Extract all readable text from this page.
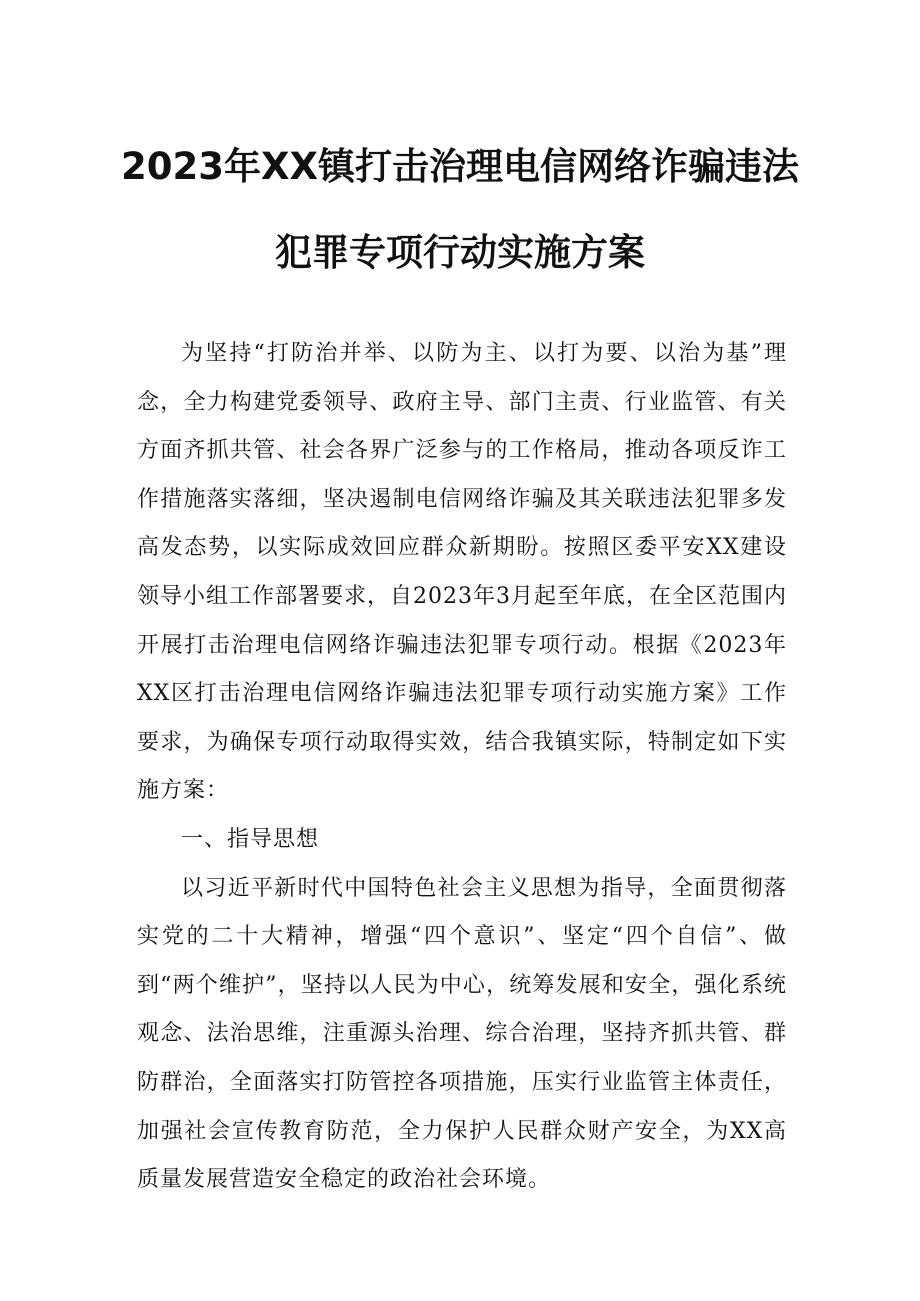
2023年XX镇打击治理电信网络诈骗违法
犯罪专项行动实施方案

为坚持“打防治并举、以防为主、以打为要、以治为基”理念，全力构建党委领导、政府主导、部门主责、行业监管、有关方面齐抓共管、社会各界广泛参与的工作格局，推动各项反诈工作措施落实落细，坚决遏制电信网络诈骗及其关联违法犯罪多发高发态势，以实际成效回应群众新期盼。按照区委平安XX建设领导小组工作部署要求，自2023年3月起至年底，在全区范围内开展打击治理电信网络诈骗违法犯罪专项行动。根据《2023年XX区打击治理电信网络诈骗违法犯罪专项行动实施方案》工作要求，为确保专项行动取得实效，结合我镇实际，特制定如下实施方案：

一、指导思想

以习近平新时代中国特色社会主义思想为指导，全面贯彻落实党的二十大精神，增强“四个意识”、坚定“四个自信”、做到“两个维护”，坚持以人民为中心，统筹发展和安全，强化系统观念、法治思维，注重源头治理、综合治理，坚持齐抓共管、群防群治，全面落实打防管控各项措施，压实行业监管主体责任，加强社会宣传教育防范，全力保护人民群众财产安全，为XX高质量发展营造安全稳定的政治社会环境。
